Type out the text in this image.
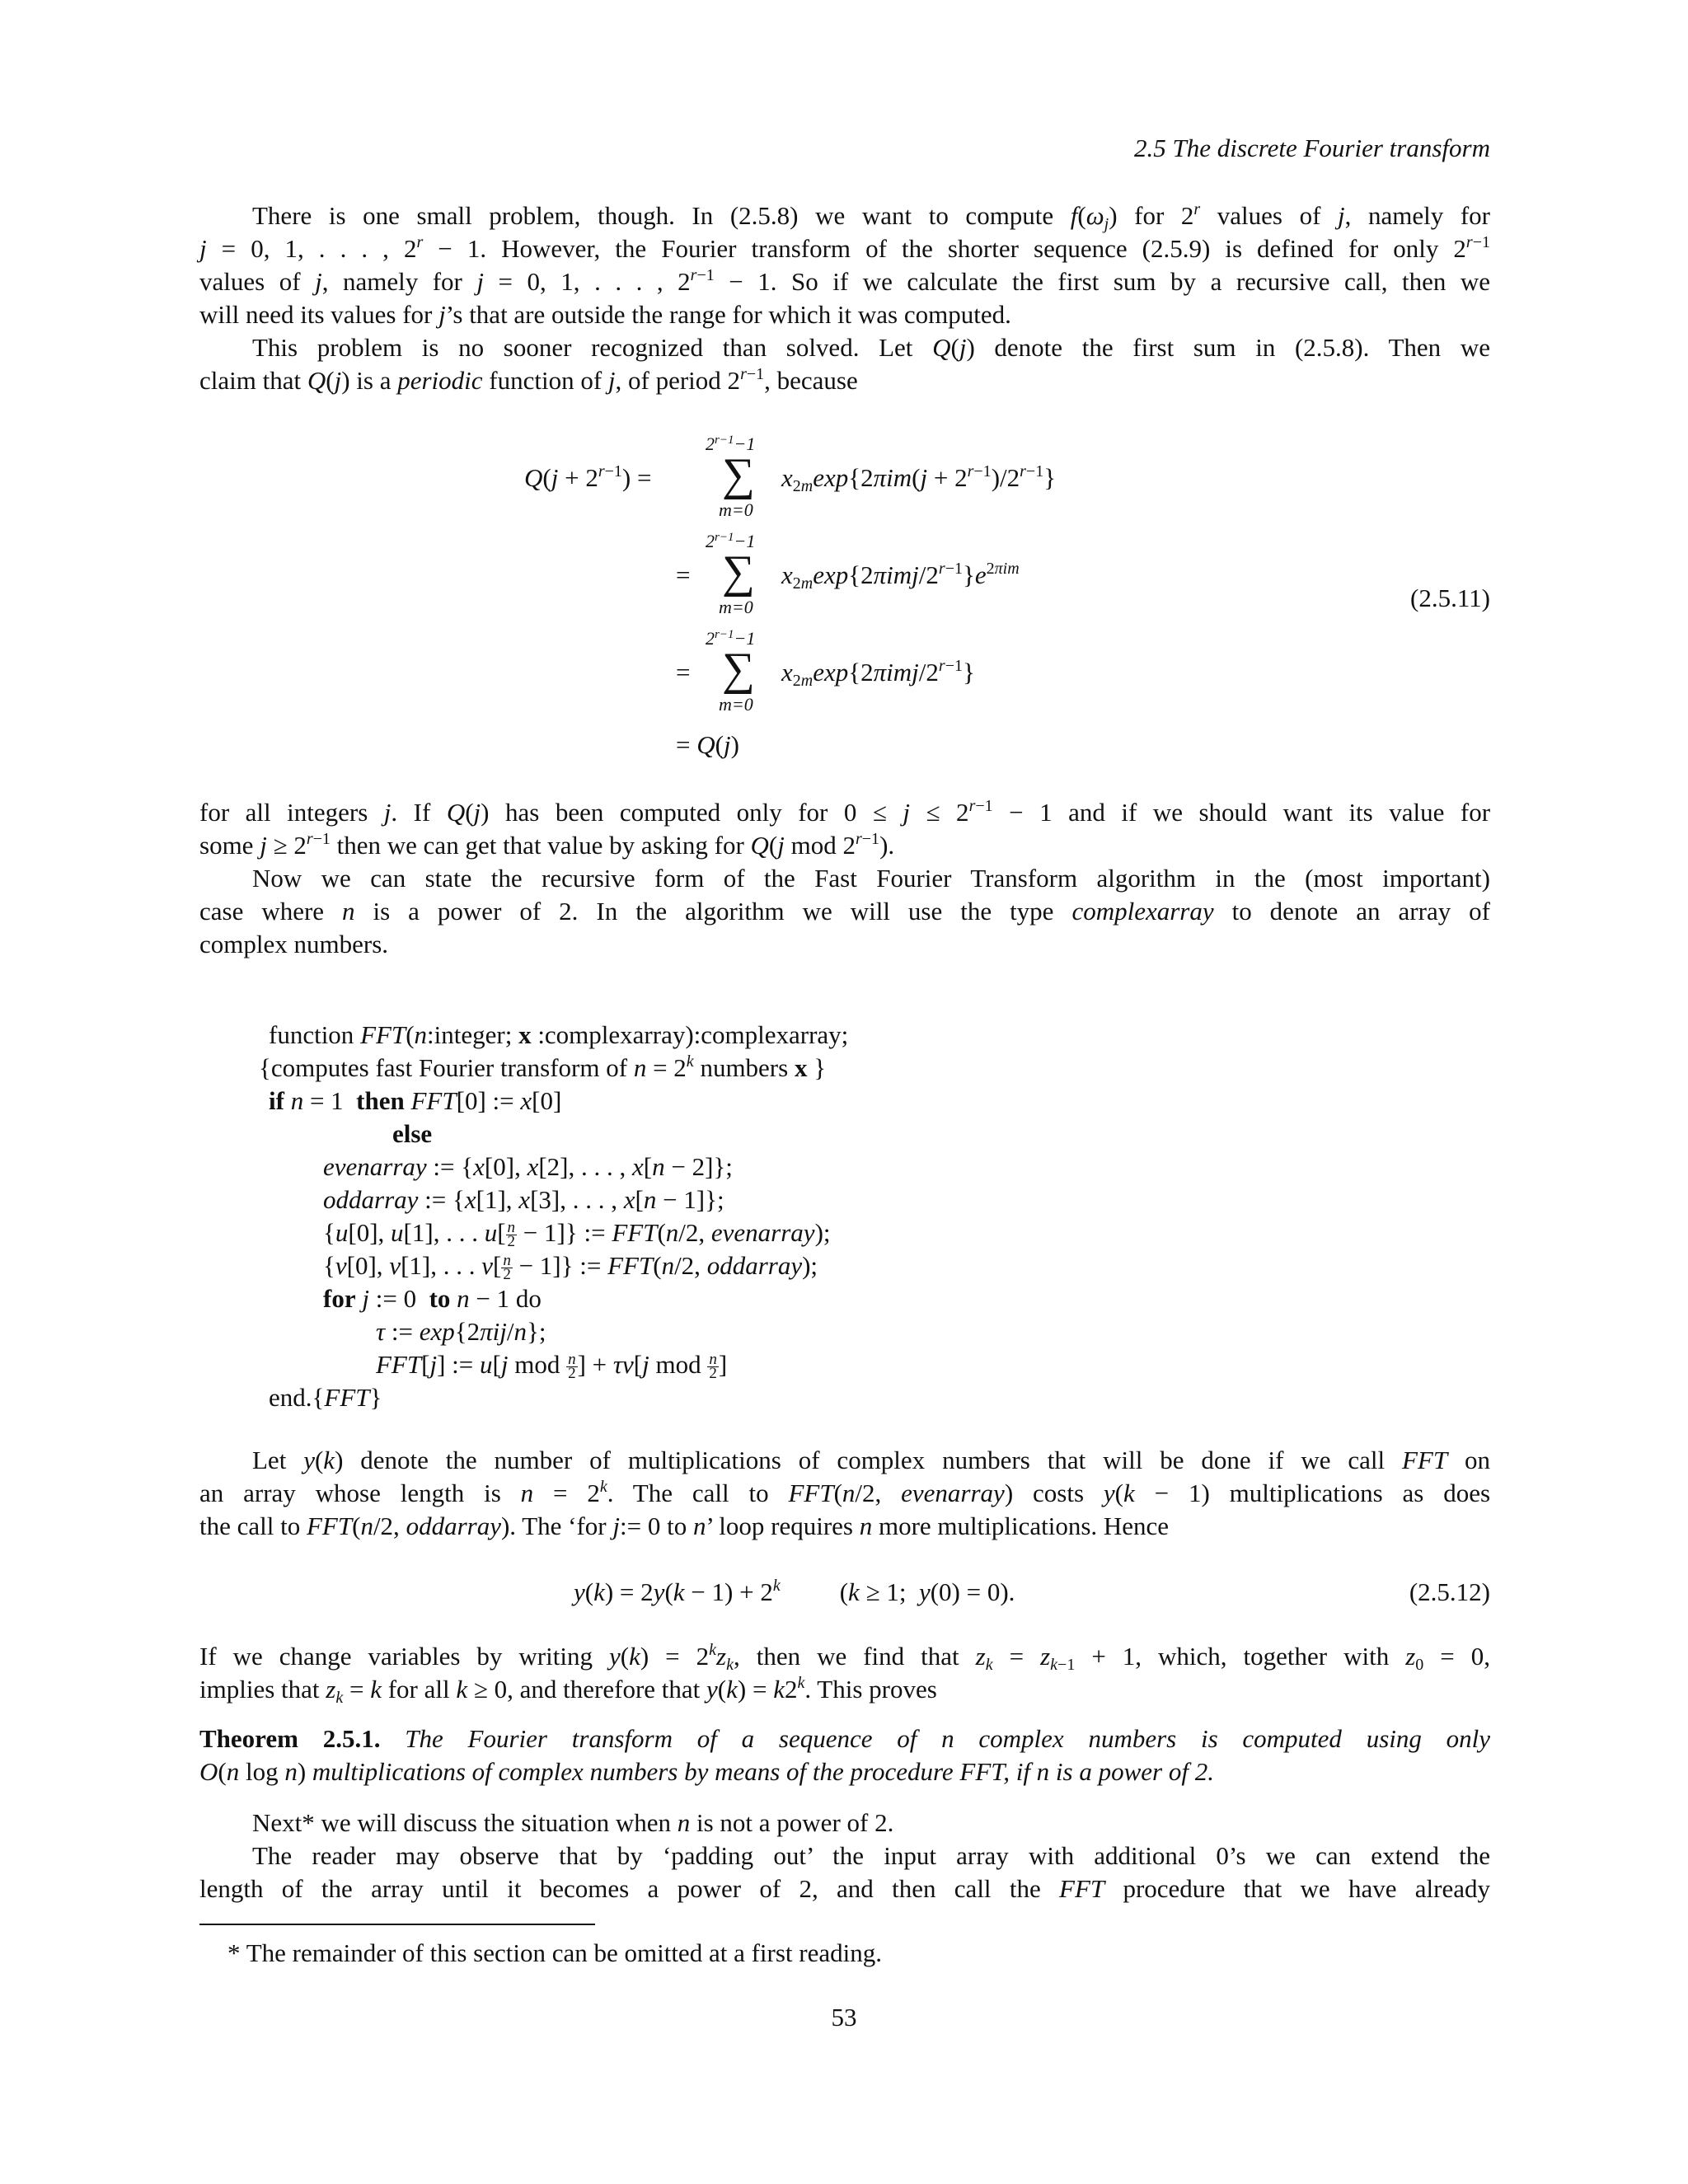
2.5 The discrete Fourier transform
There is one small problem, though. In (2.5.8) we want to compute $f(\omega_j)$ for 2$^r$ values of j, namely for
j = 0, 1, . . . , $2^r - 1$. However, the Fourier transform of the shorter sequence (2.5.9) is defined for only $2^{r-1}$
values of j, namely for j = 0, 1, . . . , $2^{r-1} - 1$. So if we calculate the first sum by a recursive call, then we
will need its values for j’s that are outside the range for which it was computed.
This problem is no sooner recognized than solved. Let Q(j) denote the first sum in (2.5.8). Then we
claim that Q(j) is a periodic function of j, of period $2^{r-1}$, because
$Q(j + 2^{r-1})$ =
$2^{r-1}-1$
∑
m=0
$x_{2m}\exp\{2\pi im(j + 2^{r-1})/2^{r-1}\}$
=
$2^{r-1}-1$
∑
m=0
$x_{2m}\exp\{2\pi imj/2^{r-1}\}e^{2\pi im}$
(2.5.11)
=
$2^{r-1}-1$
∑
m=0
$x_{2m}\exp\{2\pi imj/2^{r-1}\}$
= Q(j)
for all integers j. If Q(j) has been computed only for $0 \le j \le 2^{r-1} - 1$ and if we should want its value for
some $j \ge 2^{r-1}$ then we can get that value by asking for Q(j mod $2^{r-1}$).
Now we can state the recursive form of the Fast Fourier Transform algorithm in the (most important)
case where n is a power of 2. In the algorithm we will use the type complexarray to denote an array of
complex numbers.
function FFT(n:integer; x :complexarray):complexarray;
{computes fast Fourier transform of $n = 2^k$ numbers x }
if n = 1  then FFT[0] := x[0]
else
evenarray := {x[0], x[2], . . . , x[n − 2]};
oddarray := {x[1], x[3], . . . , x[n − 1]};
{u[0], u[1], . . . $u[ \frac{n}{2} - 1]$} := FFT(n/2, evenarray);
{v[0], v[1], . . . $v[ \frac{n}{2} - 1]$} := FFT(n/2, oddarray);
for j := 0  to n − 1 do
τ := exp{2πij/n};
FFT[j] := u[j mod $\frac{n}{2}$ ] + τv[j mod $\frac{n}{2}$ ]
end.{FFT}
Let y(k) denote the number of multiplications of complex numbers that will be done if we call FFT on
an array whose length is $n = 2^k$. The call to FFT(n/2, evenarray) costs y(k − 1) multiplications as does
the call to FFT(n/2, oddarray). The ‘for j:= 0 to n’ loop requires n more multiplications. Hence
$y(k) = 2y(k - 1) + 2^k$ (k ≥ 1;  y(0) = 0).	(2.5.12)
If we change variables by writing $y(k) = 2^kz_k$, then we find that $z_k = z_{k-1} + 1$, which, together with $z_0 = 0$,
implies that $z_k = k$ for all k ≥ 0, and therefore that $y(k) = k2^k$. This proves
Theorem 2.5.1. The Fourier transform of a sequence of n complex numbers is computed using only
O(n log n) multiplications of complex numbers by means of the procedure FFT, if n is a power of 2.
Next* we will discuss the situation when n is not a power of 2.
The reader may observe that by ‘padding out’ the input array with additional 0’s we can extend the
length of the array until it becomes a power of 2, and then call the FFT procedure that we have already
* The remainder of this section can be omitted at a first reading.
53
